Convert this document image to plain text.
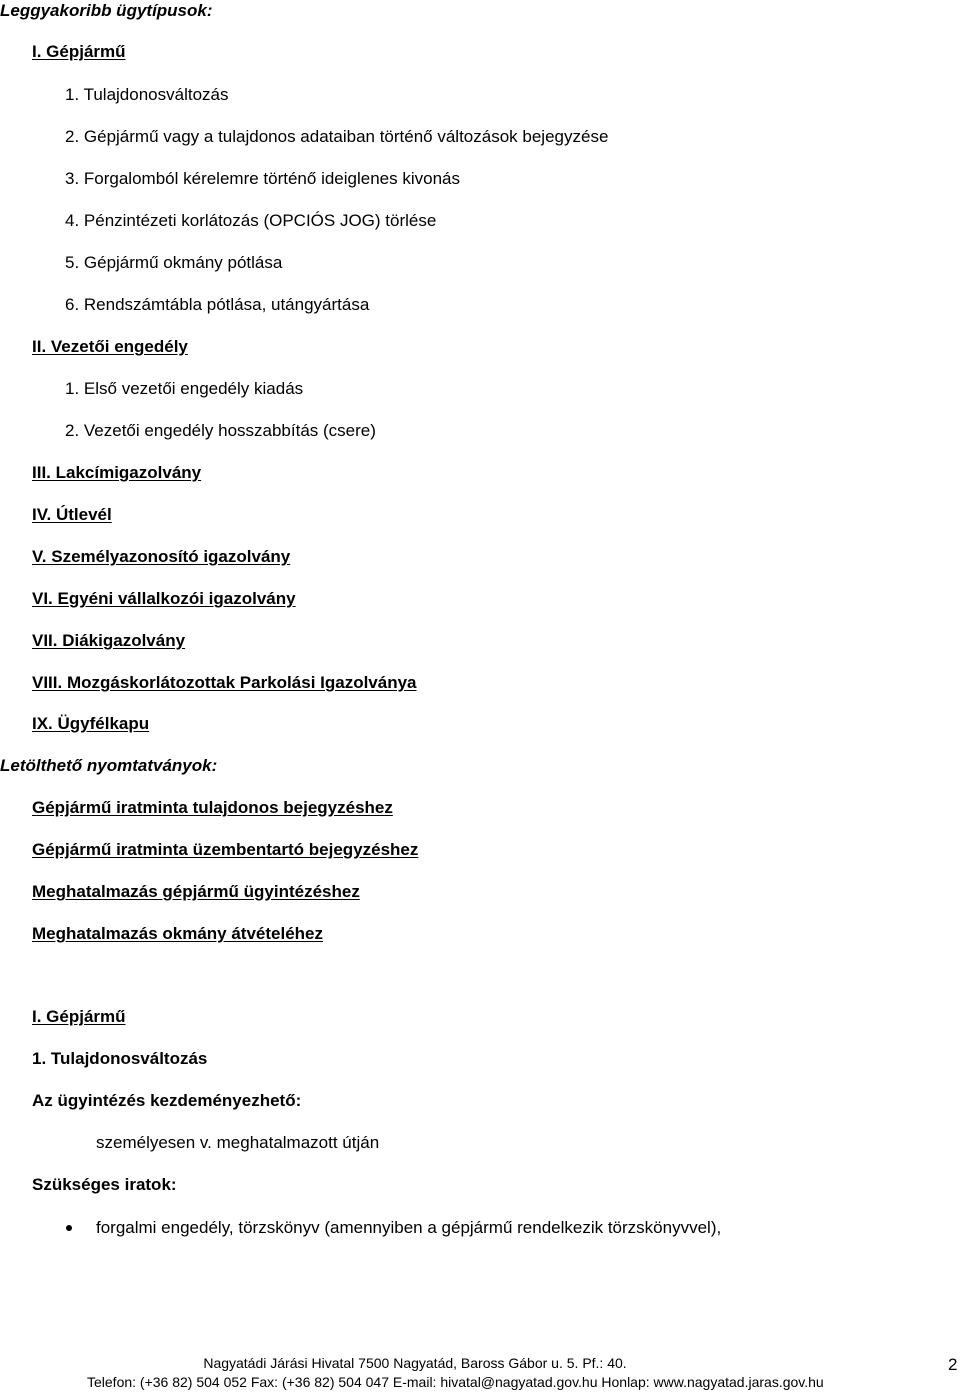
Leggyakoribb ügytípusok:
I. Gépjármű
1. Tulajdonosváltozás
2. Gépjármű vagy a tulajdonos adataiban történő változások bejegyzése
3. Forgalomból kérelemre történő ideiglenes kivonás
4. Pénzintézeti korlátozás (OPCIÓS JOG) törlése
5. Gépjármű okmány pótlása
6. Rendszámtábla pótlása, utángyártása
II. Vezetői engedély
1. Első vezetői engedély kiadás
2. Vezetői engedély hosszabbítás (csere)
III. Lakcímigazolvány
IV. Útlevél
V. Személyazonosító igazolvány
VI. Egyéni vállalkozói igazolvány
VII. Diákigazolvány
VIII. Mozgáskorlátozottak Parkolási Igazolványa
IX. Ügyfélkapu
Letölthető nyomtatványok:
Gépjármű iratminta tulajdonos bejegyzéshez
Gépjármű iratminta üzembentartó bejegyzéshez
Meghatalmazás gépjármű ügyintézéshez
Meghatalmazás okmány átvételéhez
I. Gépjármű
1. Tulajdonosváltozás
Az ügyintézés kezdeményezhető:
személyesen v. meghatalmazott útján
Szükséges iratok:
forgalmi engedély, törzskönyv (amennyiben a gépjármű rendelkezik törzskönyvvel),
Nagyatádi Járási Hivatal 7500 Nagyatád, Baross Gábor u. 5. Pf.: 40.
Telefon: (+36 82) 504 052 Fax: (+36 82) 504 047 E-mail: hivatal@nagyatad.gov.hu Honlap: www.nagyatad.jaras.gov.hu
2
